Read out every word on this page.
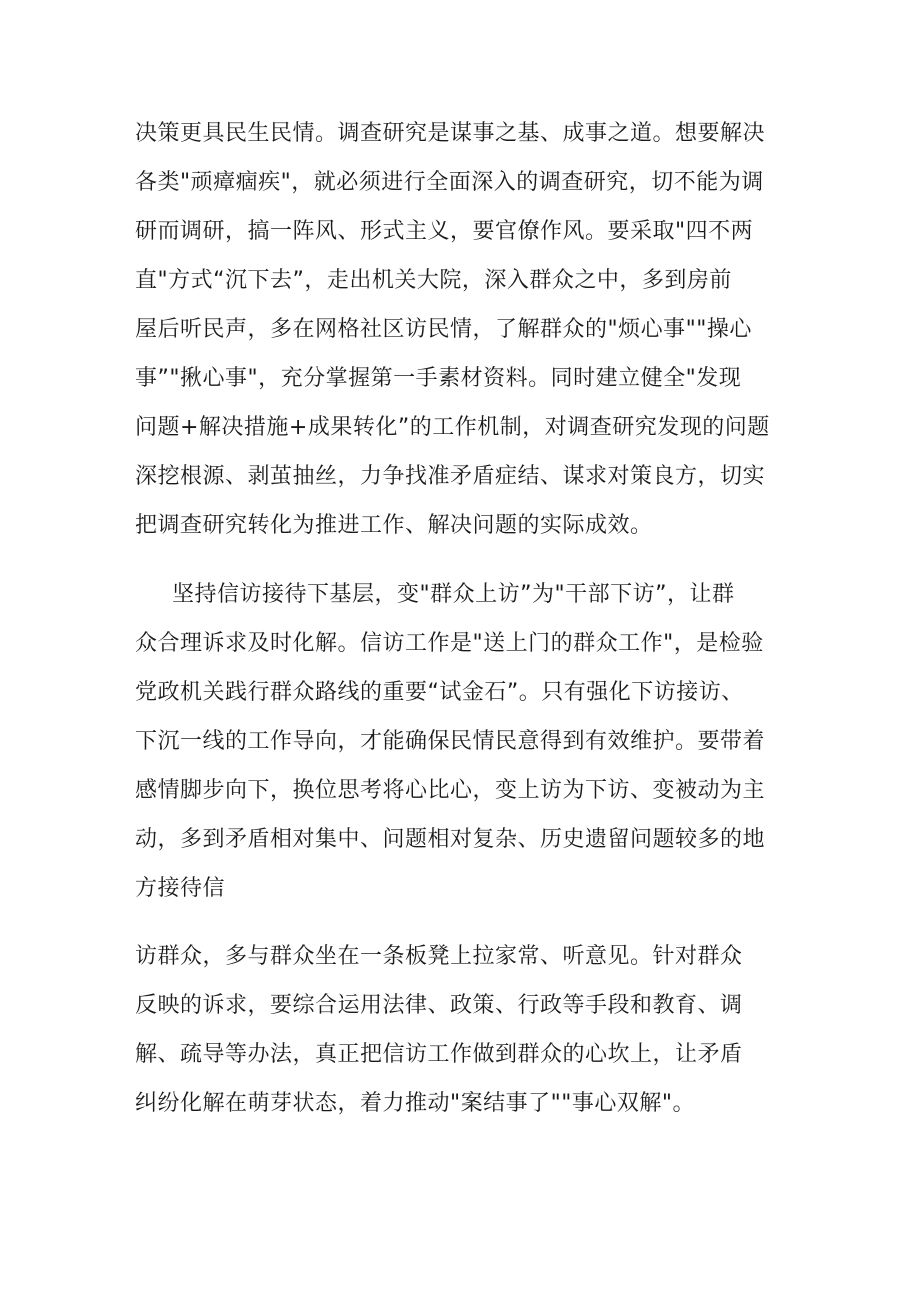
决策更具民生民情。调查研究是谋事之基、成事之道。想要解决

各类"顽瘴痼疾"，就必须进行全面深入的调查研究，切不能为调

研而调研，搞一阵风、形式主义，要官僚作风。要采取"四不两

直"方式“沉下去”，走出机关大院，深入群众之中，多到房前

屋后听民声，多在网格社区访民情，了解群众的"烦心事""操心

事”"揪心事"，充分掌握第一手素材资料。同时建立健全"发现

问题+解决措施+成果转化”的工作机制，对调查研究发现的问题

深挖根源、剥茧抽丝，力争找准矛盾症结、谋求对策良方，切实

把调查研究转化为推进工作、解决问题的实际成效。

坚持信访接待下基层，变"群众上访”为"干部下访”，让群

众合理诉求及时化解。信访工作是"送上门的群众工作"，是检验

党政机关践行群众路线的重要“试金石”。只有强化下访接访、

下沉一线的工作导向，才能确保民情民意得到有效维护。要带着

感情脚步向下，换位思考将心比心，变上访为下访、变被动为主

动，多到矛盾相对集中、问题相对复杂、历史遗留问题较多的地

方接待信

访群众，多与群众坐在一条板凳上拉家常、听意见。针对群众

反映的诉求，要综合运用法律、政策、行政等手段和教育、调

解、疏导等办法，真正把信访工作做到群众的心坎上，让矛盾

纠纷化解在萌芽状态，着力推动"案结事了""事心双解"。
